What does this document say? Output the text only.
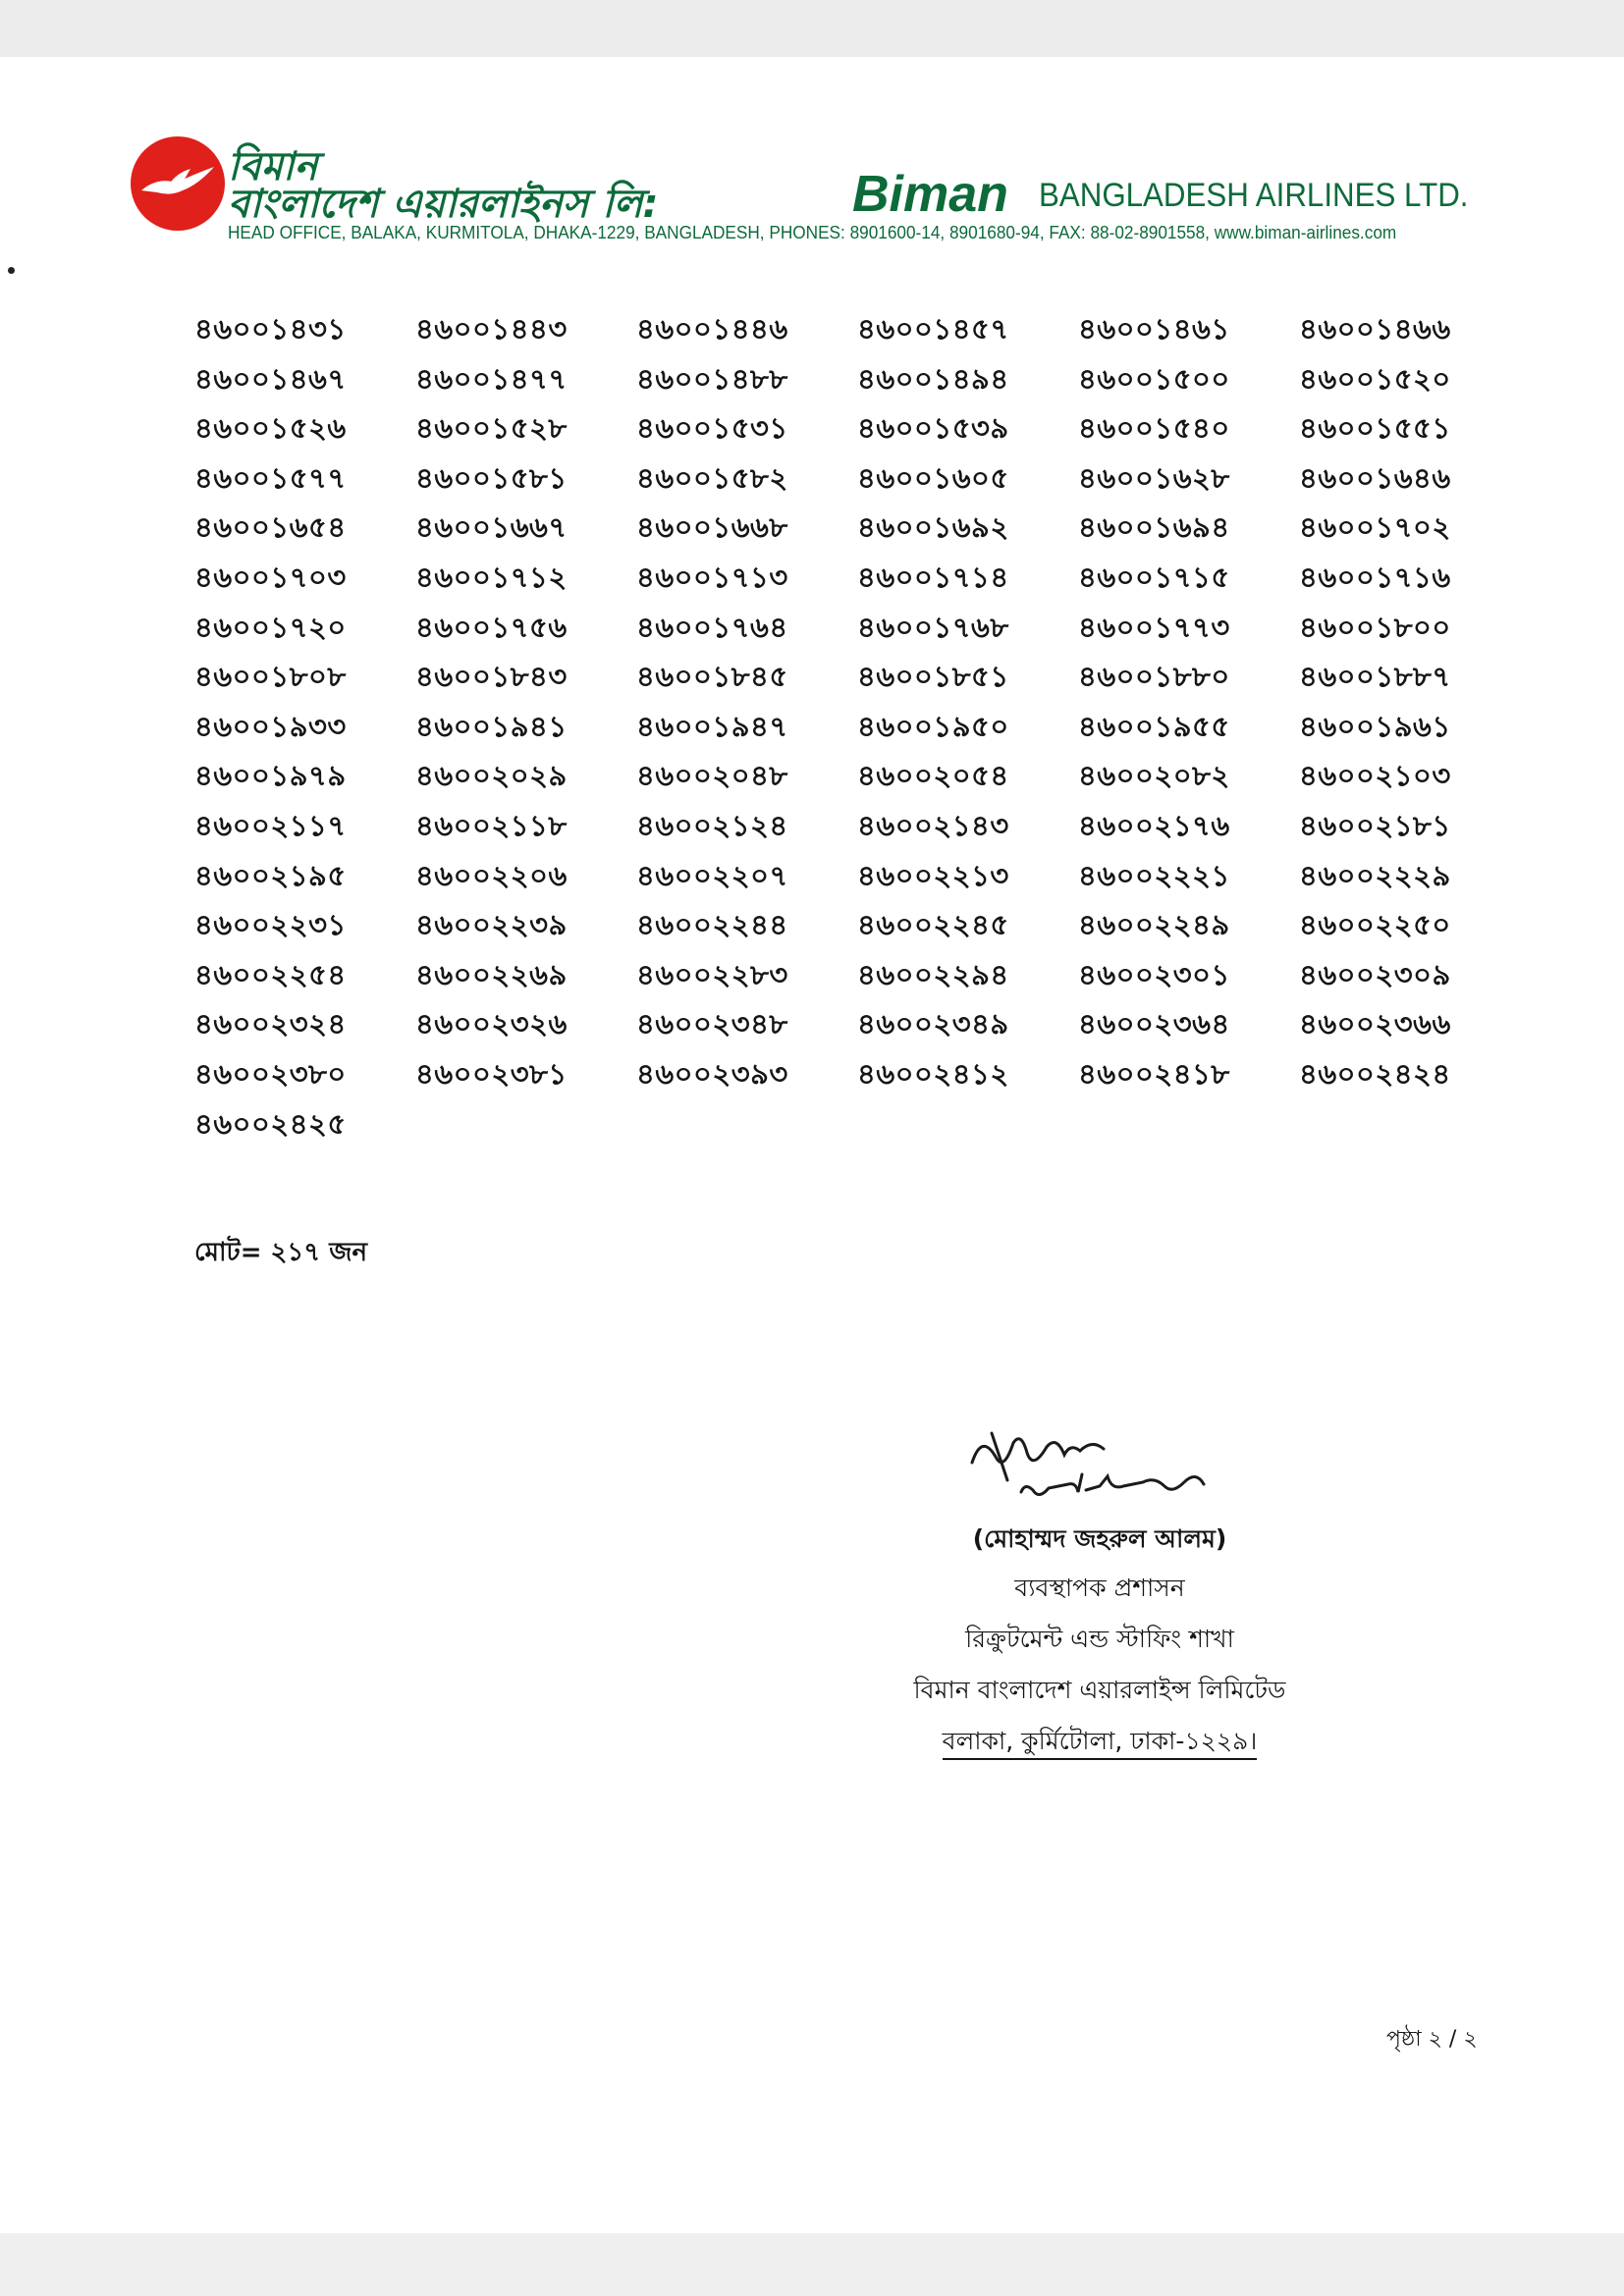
বিমান
বাংলাদেশ এয়ারলাইনস লি:	Biman BANGLADESH AIRLINES LTD.
HEAD OFFICE, BALAKA, KURMITOLA, DHAKA-1229, BANGLADESH, PHONES: 8901600-14, 8901680-94, FAX: 88-02-8901558, www.biman-airlines.com
৪৬০০১৪৩১	৪৬০০১৪৪৩	৪৬০০১৪৪৬	৪৬০০১৪৫৭	৪৬০০১৪৬১	৪৬০০১৪৬৬
৪৬০০১৪৬৭	৪৬০০১৪৭৭	৪৬০০১৪৮৮	৪৬০০১৪৯৪	৪৬০০১৫০০	৪৬০০১৫২০
৪৬০০১৫২৬	৪৬০০১৫২৮	৪৬০০১৫৩১	৪৬০০১৫৩৯	৪৬০০১৫৪০	৪৬০০১৫৫১
৪৬০০১৫৭৭	৪৬০০১৫৮১	৪৬০০১৫৮২	৪৬০০১৬০৫	৪৬০০১৬২৮	৪৬০০১৬৪৬
৪৬০০১৬৫৪	৪৬০০১৬৬৭	৪৬০০১৬৬৮	৪৬০০১৬৯২	৪৬০০১৬৯৪	৪৬০০১৭০২
৪৬০০১৭০৩	৪৬০০১৭১২	৪৬০০১৭১৩	৪৬০০১৭১৪	৪৬০০১৭১৫	৪৬০০১৭১৬
৪৬০০১৭২০	৪৬০০১৭৫৬	৪৬০০১৭৬৪	৪৬০০১৭৬৮	৪৬০০১৭৭৩	৪৬০০১৮০০
৪৬০০১৮০৮	৪৬০০১৮৪৩	৪৬০০১৮৪৫	৪৬০০১৮৫১	৪৬০০১৮৮০	৪৬০০১৮৮৭
৪৬০০১৯৩৩	৪৬০০১৯৪১	৪৬০০১৯৪৭	৪৬০০১৯৫০	৪৬০০১৯৫৫	৪৬০০১৯৬১
৪৬০০১৯৭৯	৪৬০০২০২৯	৪৬০০২০৪৮	৪৬০০২০৫৪	৪৬০০২০৮২	৪৬০০২১০৩
৪৬০০২১১৭	৪৬০০২১১৮	৪৬০০২১২৪	৪৬০০২১৪৩	৪৬০০২১৭৬	৪৬০০২১৮১
৪৬০০২১৯৫	৪৬০০২২০৬	৪৬০০২২০৭	৪৬০০২২১৩	৪৬০০২২২১	৪৬০০২২২৯
৪৬০০২২৩১	৪৬০০২২৩৯	৪৬০০২২৪৪	৪৬০০২২৪৫	৪৬০০২২৪৯	৪৬০০২২৫০
৪৬০০২২৫৪	৪৬০০২২৬৯	৪৬০০২২৮৩	৪৬০০২২৯৪	৪৬০০২৩০১	৪৬০০২৩০৯
৪৬০০২৩২৪	৪৬০০২৩২৬	৪৬০০২৩৪৮	৪৬০০২৩৪৯	৪৬০০২৩৬৪	৪৬০০২৩৬৬
৪৬০০২৩৮০	৪৬০০২৩৮১	৪৬০০২৩৯৩	৪৬০০২৪১২	৪৬০০২৪১৮	৪৬০০২৪২৪
৪৬০০২৪২৫
মোট= ২১৭ জন
(মোহাম্মদ জহরুল আলম)
ব্যবস্থাপক প্রশাসন
রিক্রুটমেন্ট এন্ড স্টাফিং শাখা
বিমান বাংলাদেশ এয়ারলাইন্স লিমিটেড
বলাকা, কুর্মিটোলা, ঢাকা-১২২৯।
পৃষ্ঠা ২ / ২
